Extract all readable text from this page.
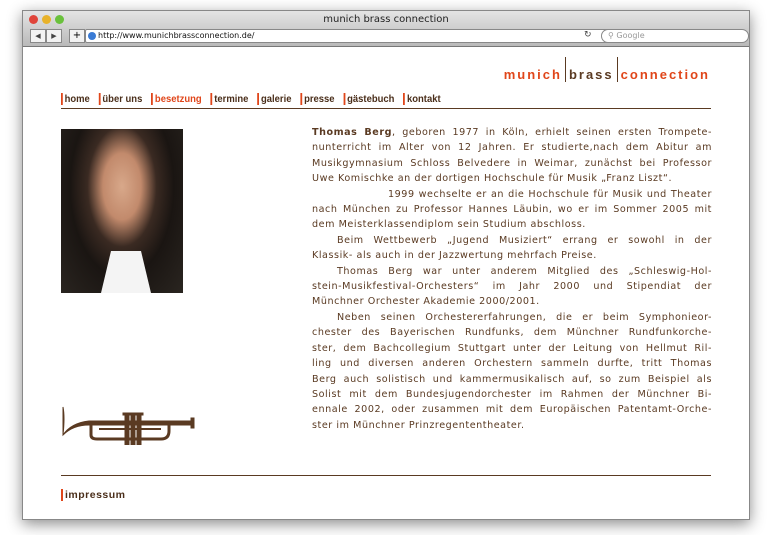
munich brass connection
◀	▶	+	http://www.munichbrassconnection.de/	↻	⚲ Google
munich brass connection
home	über uns	besetzung	termine	galerie	presse	gästebuch	kontakt
Thomas Berg, geboren 1977 in Köln, erhielt seinen ersten Trompete-
nunterricht im Alter von 12 Jahren. Er studierte,nach dem Abitur am
Musikgymnasium Schloss Belvedere in Weimar, zunächst bei Professor
Uwe Komischke an der dortigen Hochschule für Musik „Franz Liszt“.
1999 wechselte er an die Hochschule für Musik und Theater
nach München zu Professor Hannes Läubin, wo er im Sommer 2005 mit
dem Meisterklassendiplom sein Studium abschloss.
Beim Wettbewerb „Jugend Musiziert“ errang er sowohl in der
Klassik- als auch in der Jazzwertung mehrfach Preise.
Thomas Berg war unter anderem Mitglied des „Schleswig-Hol-
stein-Musikfestival-Orchesters“ im Jahr 2000 und Stipendiat der
Münchner Orchester Akademie 2000/2001.
Neben seinen Orchestererfahrungen, die er beim Symphonieor-
chester des Bayerischen Rundfunks, dem Münchner Rundfunkorche-
ster, dem Bachcollegium Stuttgart unter der Leitung von Hellmut Ril-
ling und diversen anderen Orchestern sammeln durfte, tritt Thomas
Berg auch solistisch und kammermusikalisch auf, so zum Beispiel als
Solist mit dem Bundesjugendorchester im Rahmen der Münchner Bi-
ennale 2002, oder zusammen mit dem Europäischen Patentamt-Orche-
ster im Münchner Prinzregententheater.
impressum
